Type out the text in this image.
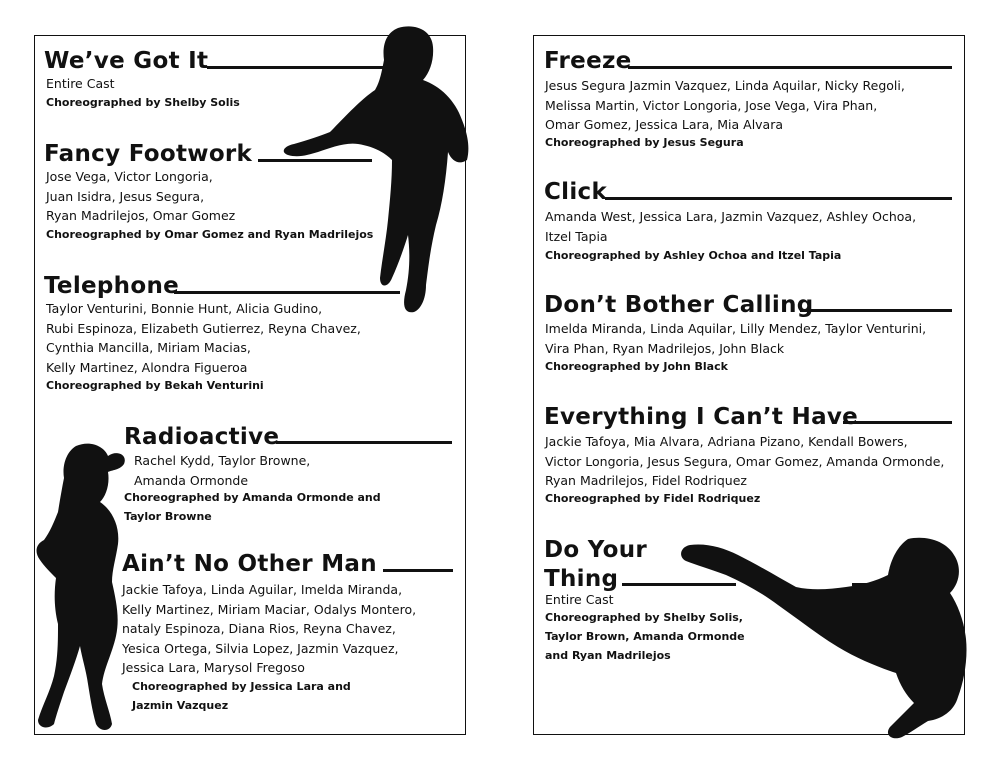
We’ve Got It
Entire Cast
Choreographed by Shelby Solis
Fancy Footwork
Jose Vega, Victor Longoria,
Juan Isidra, Jesus Segura,
Ryan Madrilejos, Omar Gomez
Choreographed by Omar Gomez and Ryan Madrilejos
Telephone
Taylor Venturini, Bonnie Hunt, Alicia Gudino,
Rubi Espinoza, Elizabeth Gutierrez, Reyna Chavez,
Cynthia Mancilla, Miriam Macias,
Kelly Martinez, Alondra Figueroa
Choreographed by Bekah Venturini
Radioactive
Rachel Kydd, Taylor Browne,
Amanda Ormonde
Choreographed by Amanda Ormonde and
Taylor Browne
Ain’t No Other Man
Jackie Tafoya, Linda Aguilar, Imelda Miranda,
Kelly Martinez, Miriam Maciar, Odalys Montero,
nataly Espinoza, Diana Rios, Reyna Chavez,
Yesica Ortega, Silvia Lopez, Jazmin Vazquez,
Jessica Lara, Marysol Fregoso
Choreographed by Jessica Lara and
Jazmin Vazquez
Freeze
Jesus Segura Jazmin Vazquez, Linda Aquilar, Nicky Regoli,
Melissa Martin, Victor Longoria, Jose Vega, Vira Phan,
Omar Gomez, Jessica Lara, Mia Alvara
Choreographed by Jesus Segura
Click
Amanda West, Jessica Lara, Jazmin Vazquez, Ashley Ochoa,
Itzel Tapia
Choreographed by Ashley Ochoa and Itzel Tapia
Don’t Bother Calling
Imelda Miranda, Linda Aquilar, Lilly Mendez, Taylor Venturini,
Vira Phan, Ryan Madrilejos, John Black
Choreographed by John Black
Everything I Can’t Have
Jackie Tafoya, Mia Alvara, Adriana Pizano, Kendall Bowers,
Victor Longoria, Jesus Segura, Omar Gomez, Amanda Ormonde,
Ryan Madrilejos, Fidel Rodriquez
Choreographed by Fidel Rodriquez
Do Your
Thing
Entire Cast
Choreographed by Shelby Solis,
Taylor Brown, Amanda Ormonde
and Ryan Madrilejos
